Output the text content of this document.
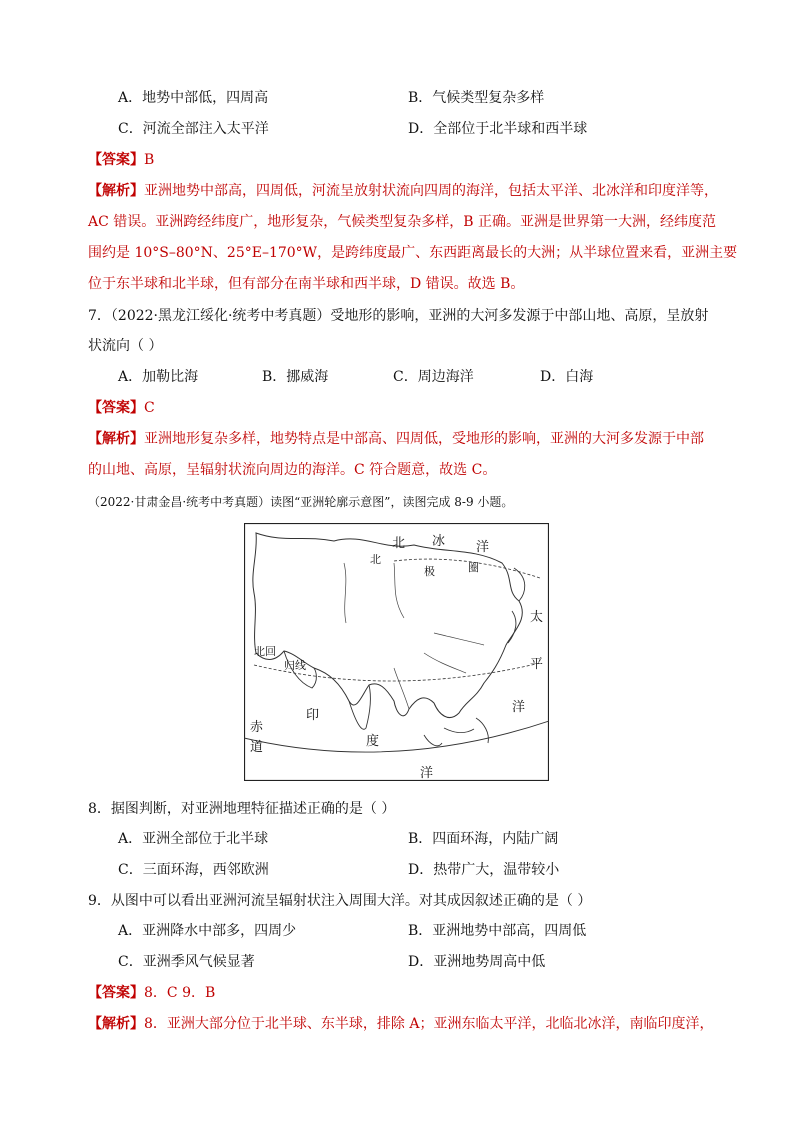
A．地势中部低，四周高	B．气候类型复杂多样
C．河流全部注入太平洋	D．全部位于北半球和西半球
【答案】B
【解析】亚洲地势中部高，四周低，河流呈放射状流向四周的海洋，包括太平洋、北冰洋和印度洋等，
AC 错误。亚洲跨经纬度广，地形复杂，气候类型复杂多样，B 正确。亚洲是世界第一大洲，经纬度范
围约是 10°S–80°N、25°E–170°W，是跨纬度最广、东西距离最长的大洲；从半球位置来看，亚洲主要
位于东半球和北半球，但有部分在南半球和西半球，D 错误。故选 B。
7．（2022·黑龙江绥化·统考中考真题）受地形的影响，亚洲的大河多发源于中部山地、高原，呈放射
状流向（ ）
A．加勒比海	B．挪威海	C．周边海洋	D．白海
【答案】C
【解析】亚洲地形复杂多样，地势特点是中部高、四周低，受地形的影响，亚洲的大河多发源于中部
的山地、高原，呈辐射状流向周边的海洋。C 符合题意，故选 C。
（2022·甘肃金昌·统考中考真题）读图“亚洲轮廓示意图”，读图完成 8-9 小题。
北 冰 洋
北
极	圈
太
平
洋
北回
归线
赤
道
印
度
洋
8．据图判断，对亚洲地理特征描述正确的是（ ）
A．亚洲全部位于北半球	B．四面环海，内陆广阔
C．三面环海，西邻欧洲	D．热带广大，温带较小
9．从图中可以看出亚洲河流呈辐射状注入周围大洋。对其成因叙述正确的是（ ）
A．亚洲降水中部多，四周少	B．亚洲地势中部高，四周低
C．亚洲季风气候显著	D．亚洲地势周高中低
【答案】8．C 9．B
【解析】8．亚洲大部分位于北半球、东半球，排除 A；亚洲东临太平洋，北临北冰洋，南临印度洋，
